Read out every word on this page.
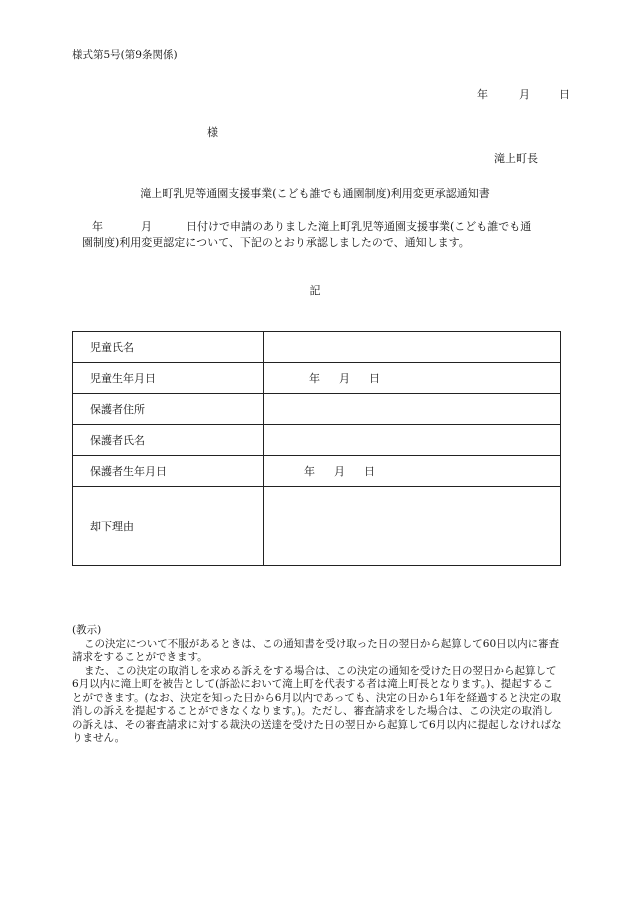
様式第5号(第9条関係)
年	月	日
様
滝上町長
滝上町乳児等通園支援事業(こども誰でも通園制度)利用変更承認通知書
年	月	日付けで申請のありました滝上町乳児等通園支援事業(こども誰でも通
園制度)利用変更認定について、下記のとおり承認しましたので、通知します。
記
児童氏名	
児童生年月日	年 月 日
保護者住所	
保護者氏名	
保護者生年月日	年 月 日
却下理由	

(教示)

この決定について不服があるときは、この通知書を受け取った日の翌日から起算して60日以内に審査請求をすることができます。

また、この決定の取消しを求める訴えをする場合は、この決定の通知を受けた日の翌日から起算して6月以内に滝上町を被告として(訴訟において滝上町を代表する者は滝上町長となります。)、提起することができます。(なお、決定を知った日から6月以内であっても、決定の日から1年を経過すると決定の取消しの訴えを提起することができなくなります。)。ただし、審査請求をした場合は、この決定の取消しの訴えは、その審査請求に対する裁決の送達を受けた日の翌日から起算して6月以内に提起しなければなりません。
